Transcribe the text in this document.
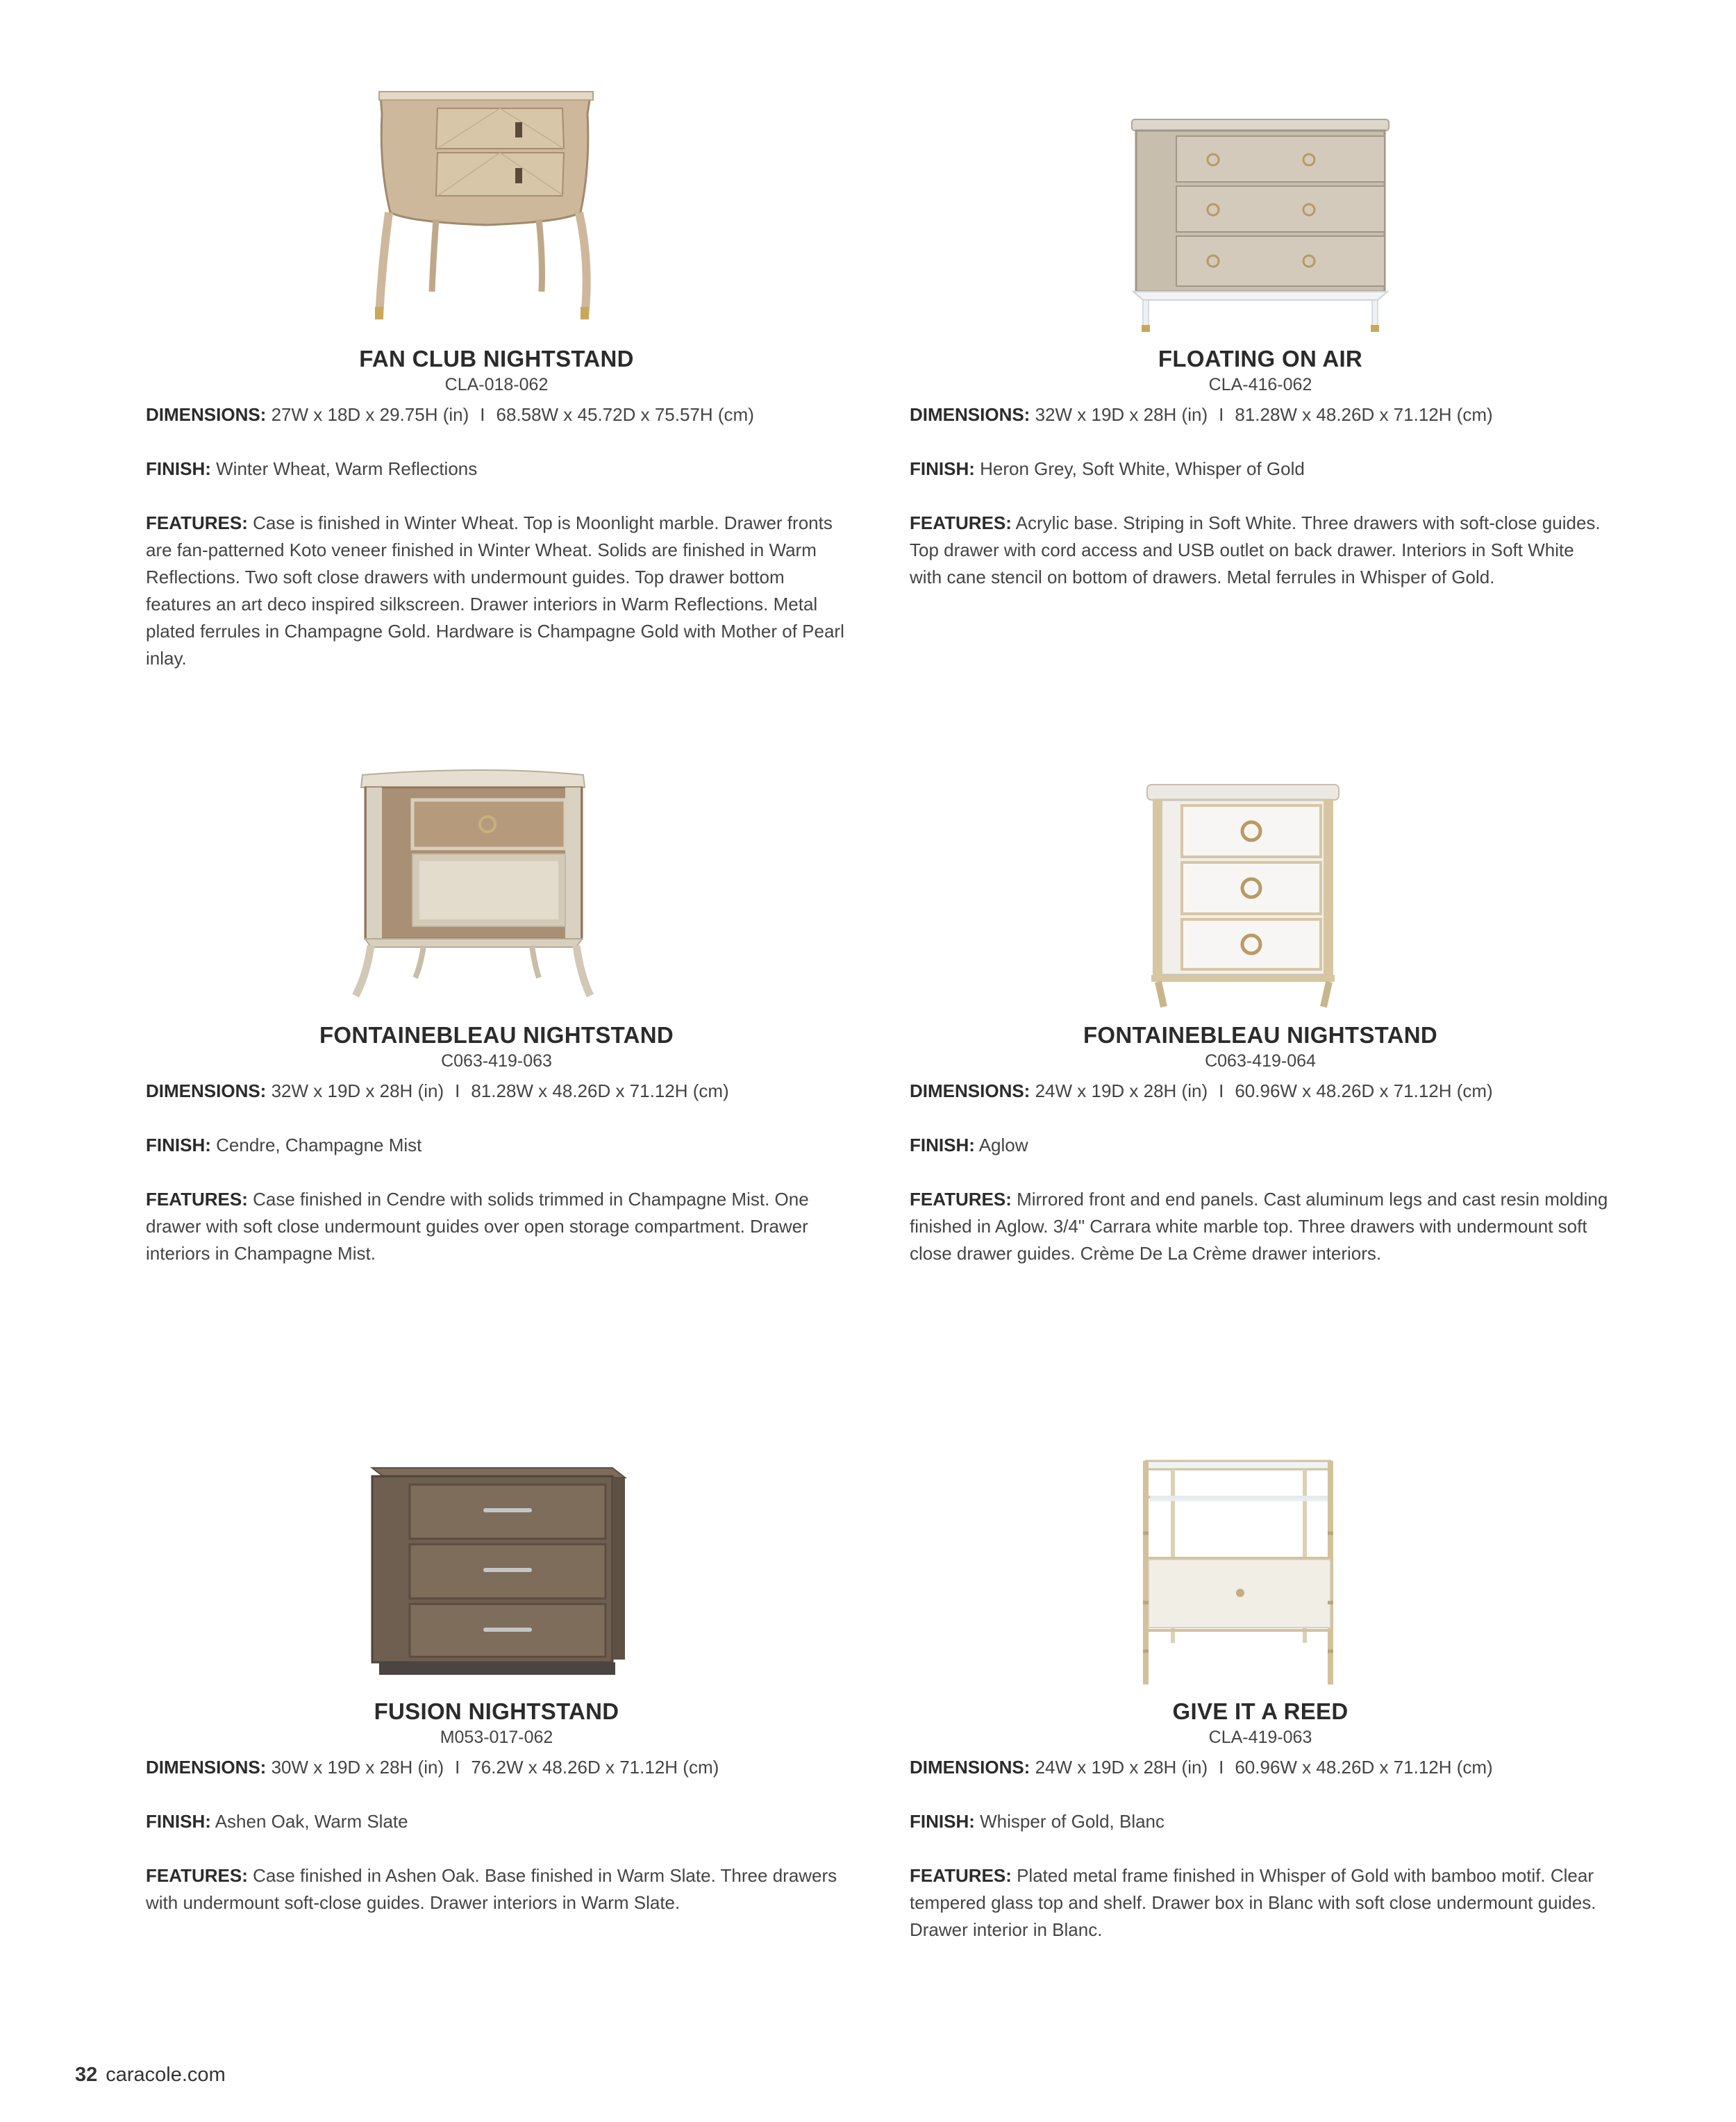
FAN CLUB NIGHTSTAND
CLA-018-062

DIMENSIONS: 27W x 18D x 29.75H (in) I 68.58W x 45.72D x 75.57H (cm)

FINISH: Winter Wheat, Warm Reflections

FEATURES: Case is finished in Winter Wheat. Top is Moonlight marble. Drawer fronts are fan-patterned Koto veneer finished in Winter Wheat. Solids are finished in Warm Reflections. Two soft close drawers with undermount guides. Top drawer bottom features an art deco inspired silkscreen. Drawer interiors in Warm Reflections. Metal plated ferrules in Champagne Gold. Hardware is Champagne Gold with Mother of Pearl inlay.

FLOATING ON AIR
CLA-416-062

DIMENSIONS: 32W x 19D x 28H (in) I 81.28W x 48.26D x 71.12H (cm)

FINISH: Heron Grey, Soft White, Whisper of Gold

FEATURES: Acrylic base. Striping in Soft White. Three drawers with soft-close guides. Top drawer with cord access and USB outlet on back drawer. Interiors in Soft White with cane stencil on bottom of drawers. Metal ferrules in Whisper of Gold.

FONTAINEBLEAU NIGHTSTAND
C063-419-063

DIMENSIONS: 32W x 19D x 28H (in) I 81.28W x 48.26D x 71.12H (cm)

FINISH: Cendre, Champagne Mist

FEATURES: Case finished in Cendre with solids trimmed in Champagne Mist. One drawer with soft close undermount guides over open storage compartment. Drawer interiors in Champagne Mist.

FONTAINEBLEAU NIGHTSTAND
C063-419-064

DIMENSIONS: 24W x 19D x 28H (in) I 60.96W x 48.26D x 71.12H (cm)

FINISH: Aglow

FEATURES: Mirrored front and end panels. Cast aluminum legs and cast resin molding finished in Aglow. 3/4" Carrara white marble top. Three drawers with undermount soft close drawer guides. Crème De La Crème drawer interiors.

FUSION NIGHTSTAND
M053-017-062

DIMENSIONS: 30W x 19D x 28H (in) I 76.2W x 48.26D x 71.12H (cm)

FINISH: Ashen Oak, Warm Slate

FEATURES: Case finished in Ashen Oak. Base finished in Warm Slate. Three drawers with undermount soft-close guides. Drawer interiors in Warm Slate.

GIVE IT A REED
CLA-419-063

DIMENSIONS: 24W x 19D x 28H (in) I 60.96W x 48.26D x 71.12H (cm)

FINISH: Whisper of Gold, Blanc

FEATURES: Plated metal frame finished in Whisper of Gold with bamboo motif. Clear tempered glass top and shelf. Drawer box in Blanc with soft close undermount guides. Drawer interior in Blanc.

32 caracole.com
